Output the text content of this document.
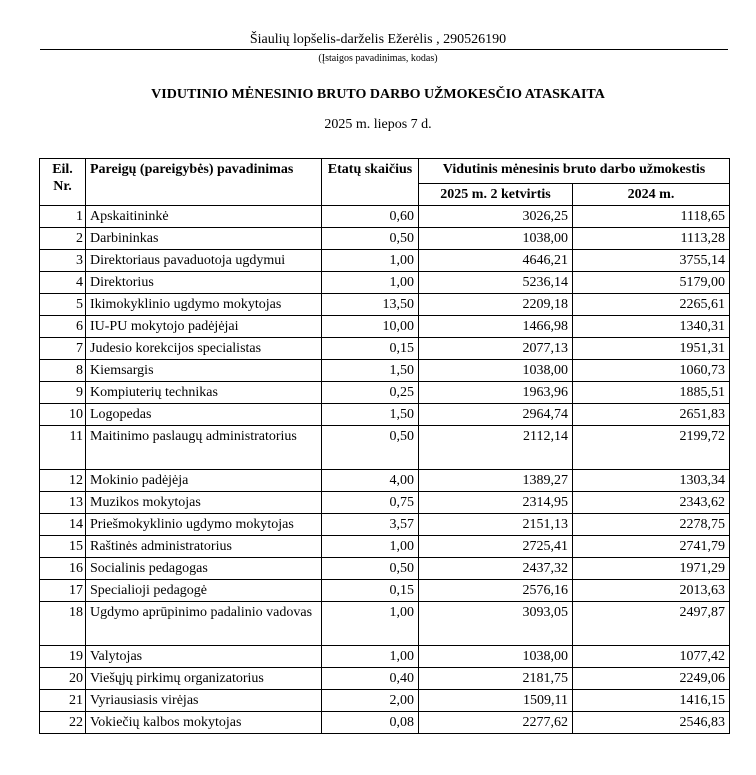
Šiaulių lopšelis-darželis Ežerėlis , 290526190
(Įstaigos pavadinimas, kodas)
VIDUTINIO MĖNESINIO BRUTO DARBO UŽMOKESČIO ATASKAITA
2025 m. liepos 7 d.
Eil.
Nr.	Pareigų (pareigybės) pavadinimas	Etatų skaičius	Vidutinis mėnesinis bruto darbo užmokestis	
			2025 m. 2 ketvirtis	2024 m.
1	Apskaitininkė	0,60	3026,25	1118,65
2	Darbininkas	0,50	1038,00	1113,28
3	Direktoriaus pavaduotoja ugdymui	1,00	4646,21	3755,14
4	Direktorius	1,00	5236,14	5179,00
5	Ikimokyklinio ugdymo mokytojas	13,50	2209,18	2265,61
6	IU-PU mokytojo padėjėjai	10,00	1466,98	1340,31
7	Judesio korekcijos specialistas	0,15	2077,13	1951,31
8	Kiemsargis	1,50	1038,00	1060,73
9	Kompiuterių technikas	0,25	1963,96	1885,51
10	Logopedas	1,50	2964,74	2651,83
11	Maitinimo paslaugų administratorius	0,50	2112,14	2199,72
12	Mokinio padėjėja	4,00	1389,27	1303,34
13	Muzikos mokytojas	0,75	2314,95	2343,62
14	Priešmokyklinio ugdymo mokytojas	3,57	2151,13	2278,75
15	Raštinės administratorius	1,00	2725,41	2741,79
16	Socialinis pedagogas	0,50	2437,32	1971,29
17	Specialioji pedagogė	0,15	2576,16	2013,63
18	Ugdymo aprūpinimo padalinio vadovas	1,00	3093,05	2497,87
19	Valytojas	1,00	1038,00	1077,42
20	Viešųjų pirkimų organizatorius	0,40	2181,75	2249,06
21	Vyriausiasis virėjas	2,00	1509,11	1416,15
22	Vokiečių kalbos mokytojas	0,08	2277,62	2546,83
